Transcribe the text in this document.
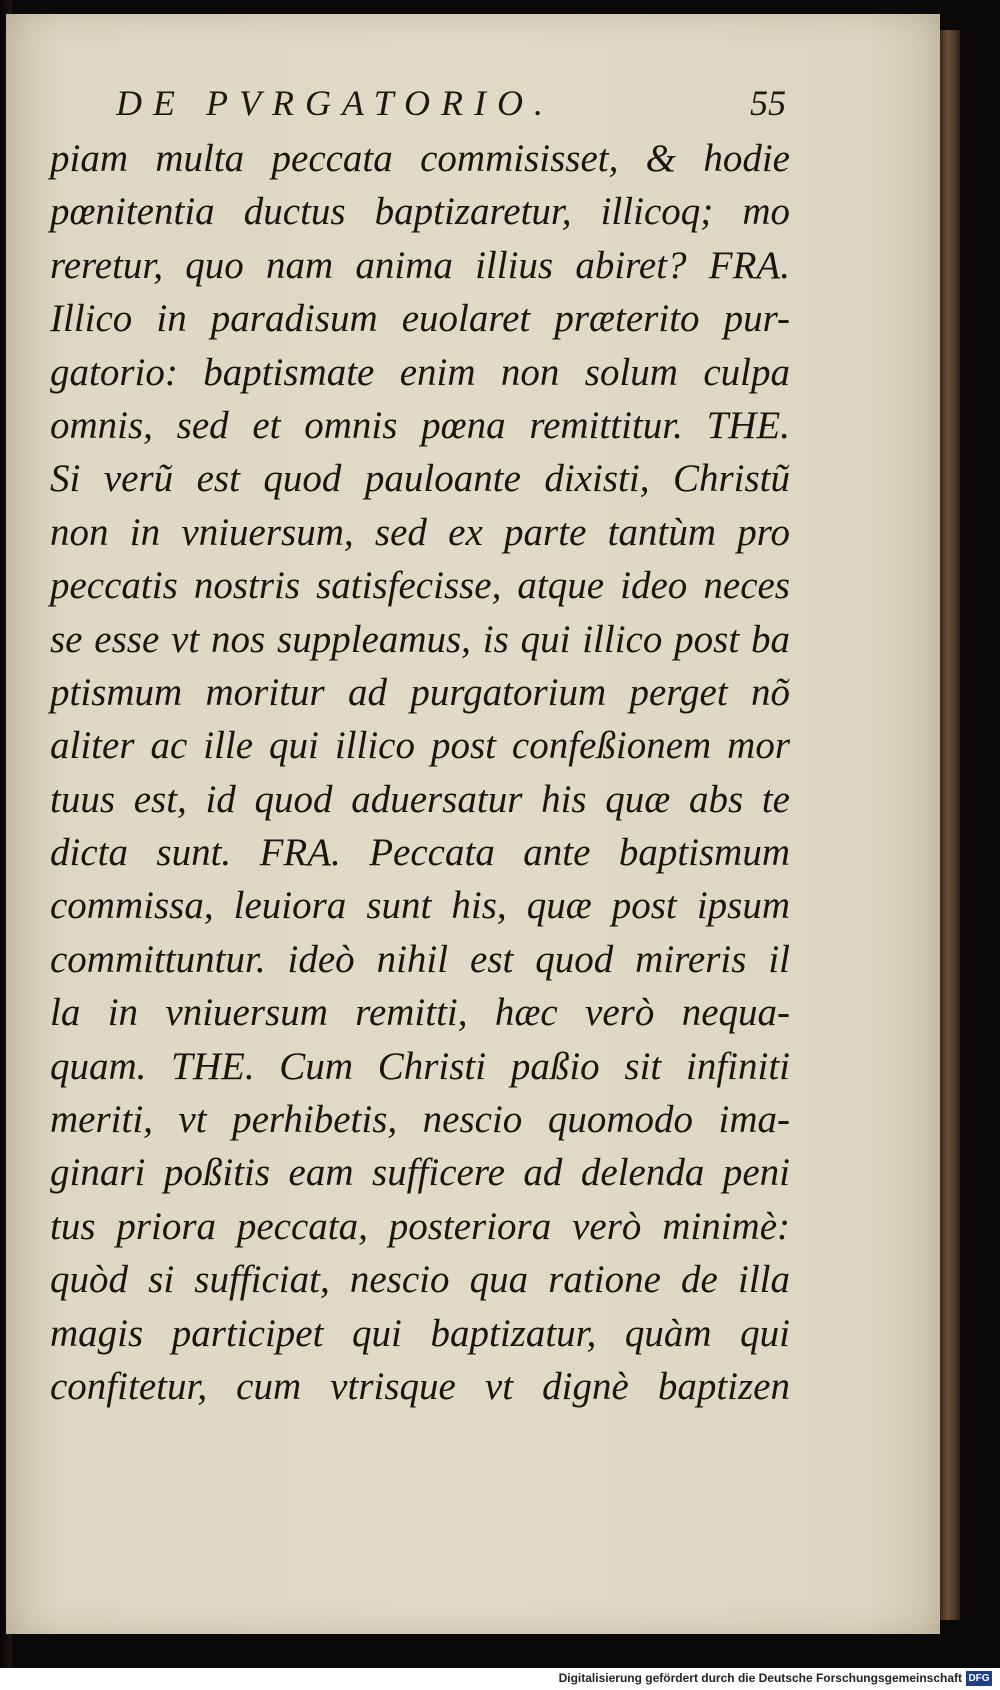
DE PVRGATORIO.	55
piam multa peccata commisisset, & hodie
pœnitentia ductus baptizaretur, illicoq; mo
reretur, quo nam anima illius abiret? FRA.
Illico in paradisum euolaret præterito pur-
gatorio: baptismate enim non solum culpa
omnis, sed et omnis pœna remittitur. THE.
Si verũ est quod pauloante dixisti, Christũ
non in vniuersum, sed ex parte tantùm pro
peccatis nostris satisfecisse, atque ideo neces
se esse vt nos suppleamus, is qui illico post ba
ptismum moritur ad purgatorium perget nõ
aliter ac ille qui illico post confeßionem mor
tuus est, id quod aduersatur his quæ abs te
dicta sunt. FRA. Peccata ante baptismum
commissa, leuiora sunt his, quæ post ipsum
committuntur. ideò nihil est quod mireris il
la in vniuersum remitti, hæc verò nequa-
quam. THE. Cum Christi paßio sit infiniti
meriti, vt perhibetis, nescio quomodo ima-
ginari poßitis eam sufficere ad delenda peni
tus priora peccata, posteriora verò minimè:
quòd si sufficiat, nescio qua ratione de illa
magis participet qui baptizatur, quàm qui
confitetur, cum vtrisque vt dignè baptizen
Digitalisierung gefördert durch die Deutsche Forschungsgemeinschaft DFG
